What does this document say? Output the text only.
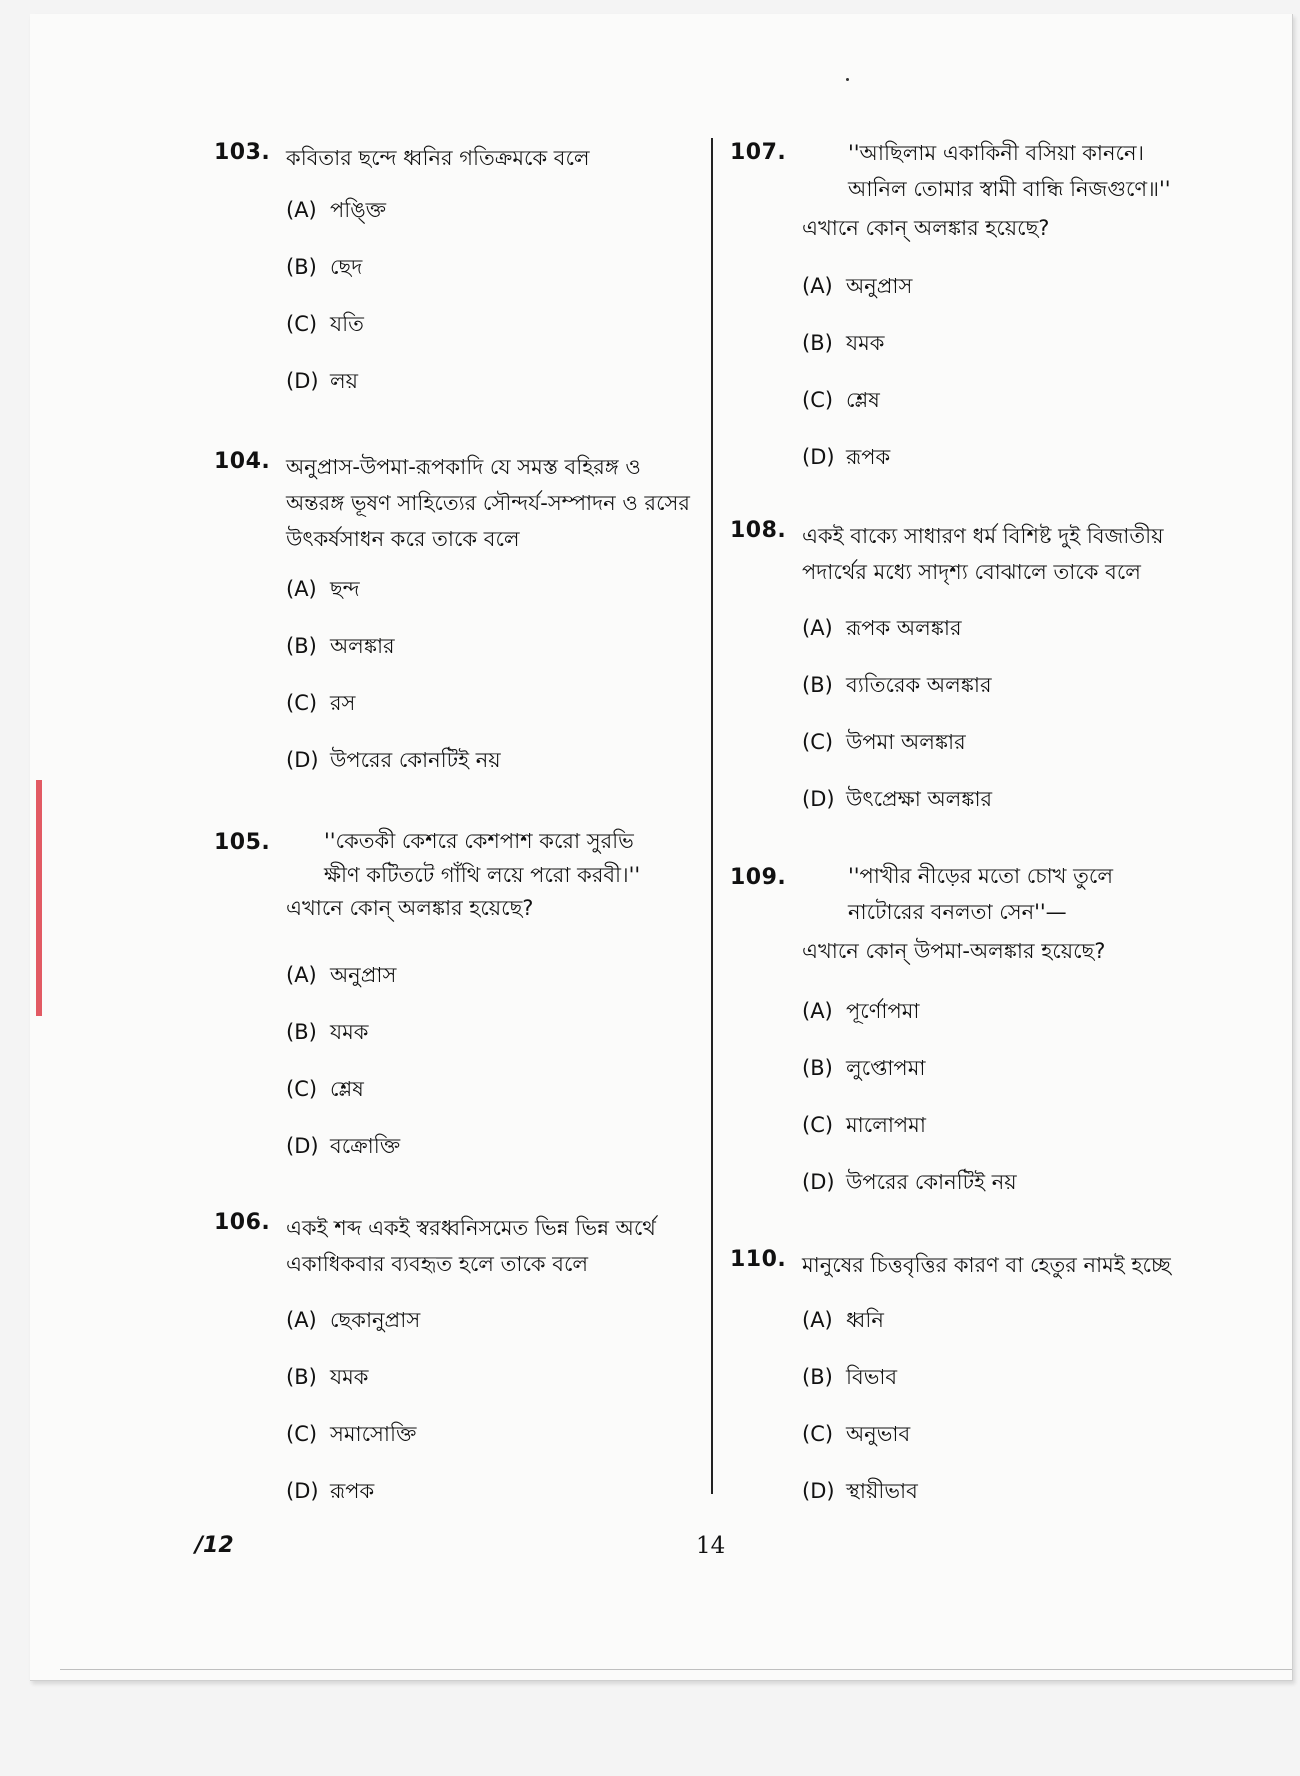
103. কবিতার ছন্দে ধ্বনির গতিক্রমকে বলে
(A) পঙ্ক্তি
(B) ছেদ
(C) যতি
(D) লয়
104. অনুপ্রাস-উপমা-রূপকাদি যে সমস্ত বহিরঙ্গ ও
অন্তরঙ্গ ভূষণ সাহিত্যের সৌন্দর্য-সম্পাদন ও রসের
উৎকর্ষসাধন করে তাকে বলে
(A) ছন্দ
(B) অলঙ্কার
(C) রস
(D) উপরের কোনটিই নয়
105.	''কেতকী কেশরে কেশপাশ করো সুরভি
ক্ষীণ কটিতটে গাঁথি লয়ে পরো করবী।''
এখানে কোন্ অলঙ্কার হয়েছে?
(A) অনুপ্রাস
(B) যমক
(C) শ্লেষ
(D) বক্রোক্তি
106. একই শব্দ একই স্বরধ্বনিসমেত ভিন্ন ভিন্ন অর্থে
একাধিকবার ব্যবহৃত হলে তাকে বলে
(A) ছেকানুপ্রাস
(B) যমক
(C) সমাসোক্তি
(D) রূপক
107.	''আছিলাম একাকিনী বসিয়া কাননে।
আনিল তোমার স্বামী বান্ধি নিজগুণে॥''
এখানে কোন্ অলঙ্কার হয়েছে?
(A) অনুপ্রাস
(B) যমক
(C) শ্লেষ
(D) রূপক
108. একই বাক্যে সাধারণ ধর্ম বিশিষ্ট দুই বিজাতীয়
পদার্থের মধ্যে সাদৃশ্য বোঝালে তাকে বলে
(A) রূপক অলঙ্কার
(B) ব্যতিরেক অলঙ্কার
(C) উপমা অলঙ্কার
(D) উৎপ্রেক্ষা অলঙ্কার
109.	''পাখীর নীড়ের মতো চোখ তুলে
নাটোরের বনলতা সেন''—
এখানে কোন্ উপমা-অলঙ্কার হয়েছে?
(A) পূর্ণোপমা
(B) লুপ্তোপমা
(C) মালোপমা
(D) উপরের কোনটিই নয়
110. মানুষের চিত্তবৃত্তির কারণ বা হেতুর নামই হচ্ছে
(A) ধ্বনি
(B) বিভাব
(C) অনুভাব
(D) স্থায়ীভাব
/12	14
